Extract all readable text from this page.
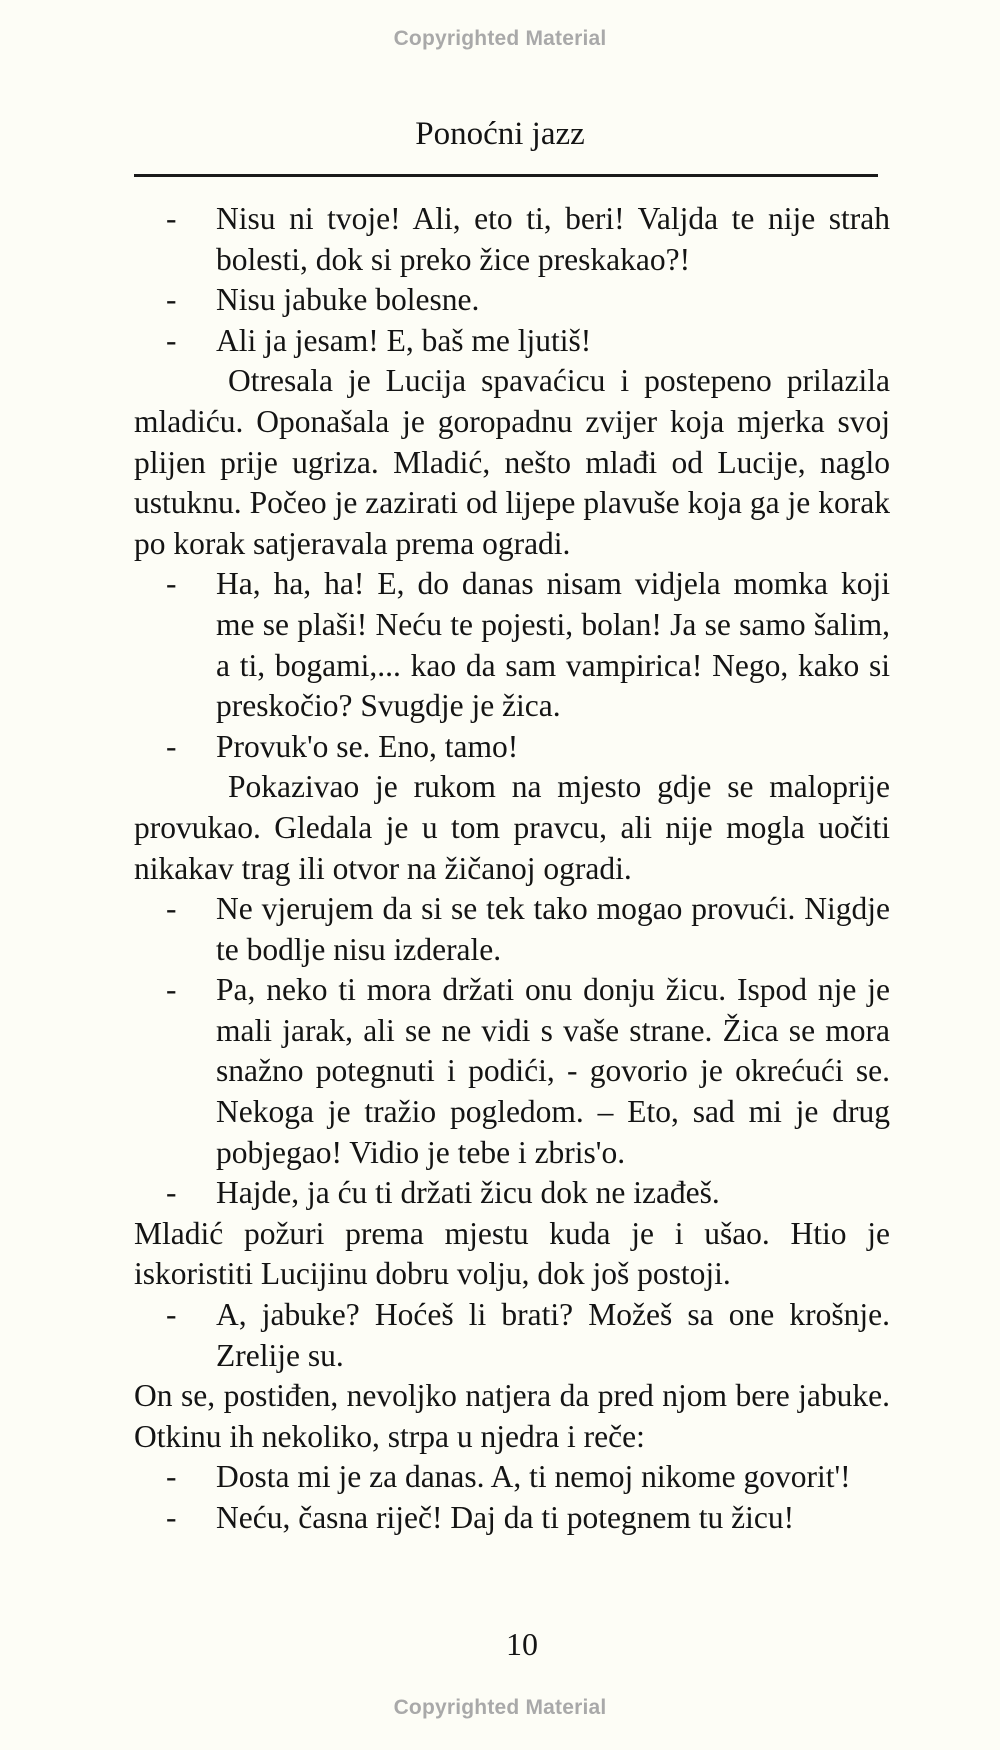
Copyrighted Material
Ponoćni jazz
- Nisu ni tvoje! Ali, eto ti, beri! Valjda te nije strah bolesti, dok si preko žice preskakao?!
- Nisu jabuke bolesne.
- Ali ja jesam! E, baš me ljutiš!
Otresala je Lucija spavaćicu i postepeno prilazila mladiću. Oponašala je goropadnu zvijer koja mjerka svoj plijen prije ugriza. Mladić, nešto mlađi od Lucije, naglo ustuknu. Počeo je zazirati od lijepe plavuše koja ga je korak po korak satjeravala prema ogradi.
- Ha, ha, ha! E, do danas nisam vidjela momka koji me se plaši! Neću te pojesti, bolan! Ja se samo šalim, a ti, bogami,... kao da sam vampirica! Nego, kako si preskočio? Svugdje je žica.
- Provuk'o se. Eno, tamo!
Pokazivao je rukom na mjesto gdje se maloprije provukao. Gledala je u tom pravcu, ali nije mogla uočiti nikakav trag ili otvor na žičanoj ogradi.
- Ne vjerujem da si se tek tako mogao provući. Nigdje te bodlje nisu izderale.
- Pa, neko ti mora držati onu donju žicu. Ispod nje je mali jarak, ali se ne vidi s vaše strane. Žica se mora snažno potegnuti i podići, - govorio je okrećući se. Nekoga je tražio pogledom. – Eto, sad mi je drug pobjegao! Vidio je tebe i zbris'o.
- Hajde, ja ću ti držati žicu dok ne izađeš.
Mladić požuri prema mjestu kuda je i ušao. Htio je iskoristiti Lucijinu dobru volju, dok još postoji.
- A, jabuke? Hoćeš li brati? Možeš sa one krošnje. Zrelije su.
On se, postiđen, nevoljko natjera da pred njom bere jabuke. Otkinu ih nekoliko, strpa u njedra i reče:
- Dosta mi je za danas. A, ti nemoj nikome govorit'!
- Neću, časna riječ! Daj da ti potegnem tu žicu!
10
Copyrighted Material
